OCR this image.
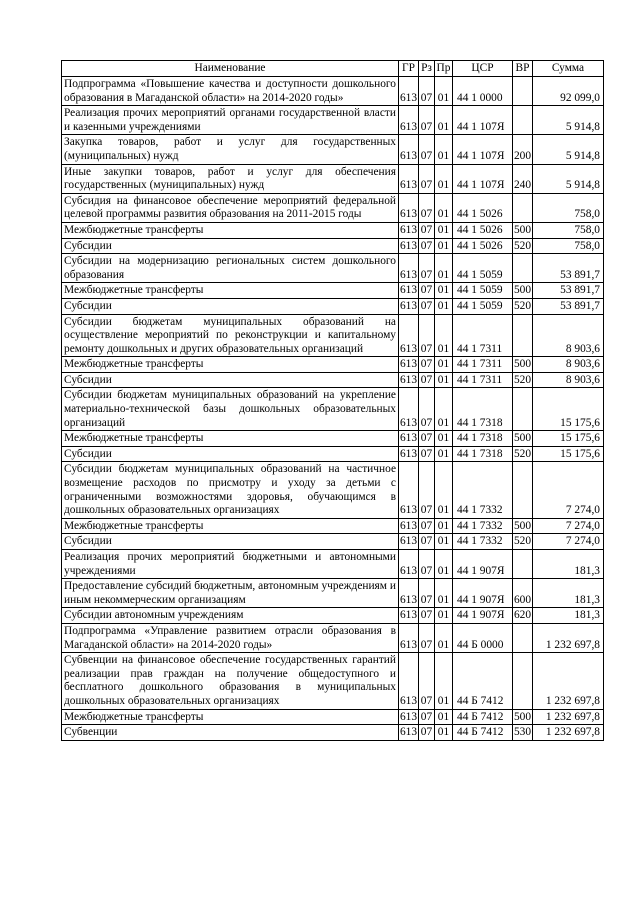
Наименование	ГР	Рз	Пр	ЦСР	ВР	Сумма
Подпрограмма «Повышение качества и доступности дошкольного образования в Магаданской области» на 2014-2020 годы»	613	07	01	44 1 0000		92 099,0
Реализация прочих мероприятий органами государственной власти и казенными учреждениями	613	07	01	44 1 107Я		5 914,8
Закупка товаров, работ и услуг для государственных (муниципальных) нужд	613	07	01	44 1 107Я	200	5 914,8
Иные закупки товаров, работ и услуг для обеспечения государственных (муниципальных) нужд	613	07	01	44 1 107Я	240	5 914,8
Субсидия на финансовое обеспечение мероприятий федеральной целевой программы развития образования на 2011-2015 годы	613	07	01	44 1 5026		758,0
Межбюджетные трансферты	613	07	01	44 1 5026	500	758,0
Субсидии	613	07	01	44 1 5026	520	758,0
Субсидии на модернизацию региональных систем дошкольного образования	613	07	01	44 1 5059		53 891,7
Межбюджетные трансферты	613	07	01	44 1 5059	500	53 891,7
Субсидии	613	07	01	44 1 5059	520	53 891,7
Субсидии бюджетам муниципальных образований на осуществление мероприятий по реконструкции и капитальному ремонту дошкольных и других образовательных организаций	613	07	01	44 1 7311		8 903,6
Межбюджетные трансферты	613	07	01	44 1 7311	500	8 903,6
Субсидии	613	07	01	44 1 7311	520	8 903,6
Субсидии бюджетам муниципальных образований на укрепление материально-технической базы дошкольных образовательных организаций	613	07	01	44 1 7318		15 175,6
Межбюджетные трансферты	613	07	01	44 1 7318	500	15 175,6
Субсидии	613	07	01	44 1 7318	520	15 175,6
Субсидии бюджетам муниципальных образований на частичное возмещение расходов по присмотру и уходу за детьми с ограниченными возможностями здоровья, обучающимся в дошкольных образовательных организациях	613	07	01	44 1 7332		7 274,0
Межбюджетные трансферты	613	07	01	44 1 7332	500	7 274,0
Субсидии	613	07	01	44 1 7332	520	7 274,0
Реализация прочих мероприятий бюджетными и автономными учреждениями	613	07	01	44 1 907Я		181,3
Предоставление субсидий бюджетным, автономным учреждениям и иным некоммерческим организациям	613	07	01	44 1 907Я	600	181,3
Субсидии автономным учреждениям	613	07	01	44 1 907Я	620	181,3
Подпрограмма «Управление развитием отрасли образования в Магаданской области» на 2014-2020 годы»	613	07	01	44 Б 0000		1 232 697,8
Субвенции на финансовое обеспечение государственных гарантий реализации прав граждан на получение общедоступного и бесплатного дошкольного образования в муниципальных дошкольных образовательных организациях	613	07	01	44 Б 7412		1 232 697,8
Межбюджетные трансферты	613	07	01	44 Б 7412	500	1 232 697,8
Субвенции	613	07	01	44 Б 7412	530	1 232 697,8
